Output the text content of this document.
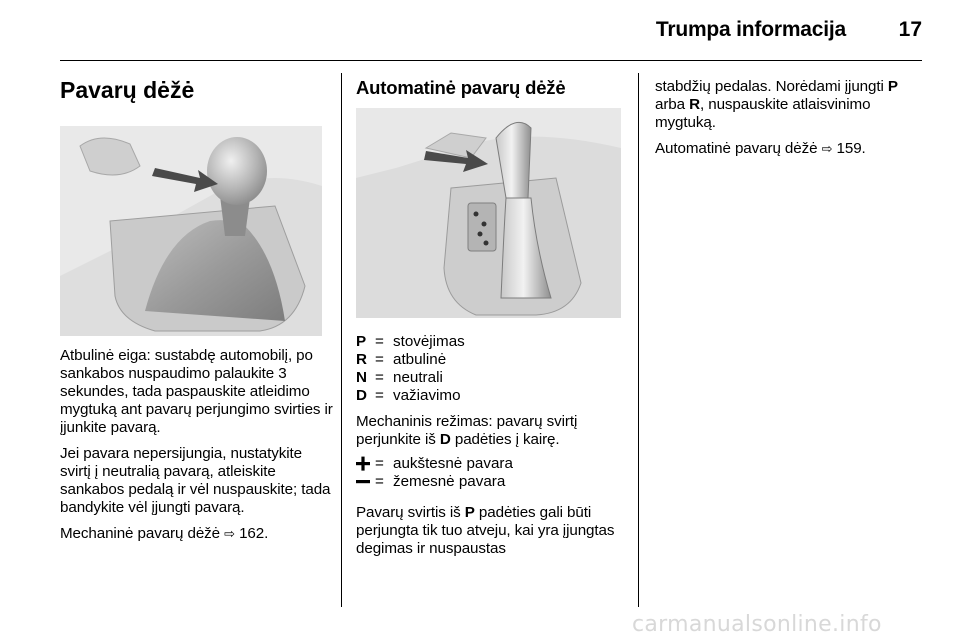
Trumpa informacija	17
Pavarų dėžė

Atbulinė eiga: sustabdę automobilį, po sankabos nuspaudimo palaukite 3 sekundes, tada paspauskite atleidimo mygtuką ant pavarų perjungimo svirties ir įjunkite pavarą.

Jei pavara nepersijungia, nustatykite svirtį į neutralią pavarą, atleiskite sankabos pedalą ir vėl nuspauskite; tada bandykite vėl įjungti pavarą.

Mechaninė pavarų dėžė ⇨ 162.

Automatinė pavarų dėžė
P = stovėjimas
R = atbulinė
N = neutrali
D = važiavimo
Mechaninis režimas: pavarų svirtį perjunkite iš D padėties į kairę.
= aukštesnė pavara
= žemesnė pavara
Pavarų svirtis iš P padėties gali būti perjungta tik tuo atveju, kai yra įjungtas degimas ir nuspaustas

stabdžių pedalas. Norėdami įjungti P arba R, nuspauskite atlaisvinimo mygtuką.

Automatinė pavarų dėžė ⇨ 159.

carmanualsonline.info
